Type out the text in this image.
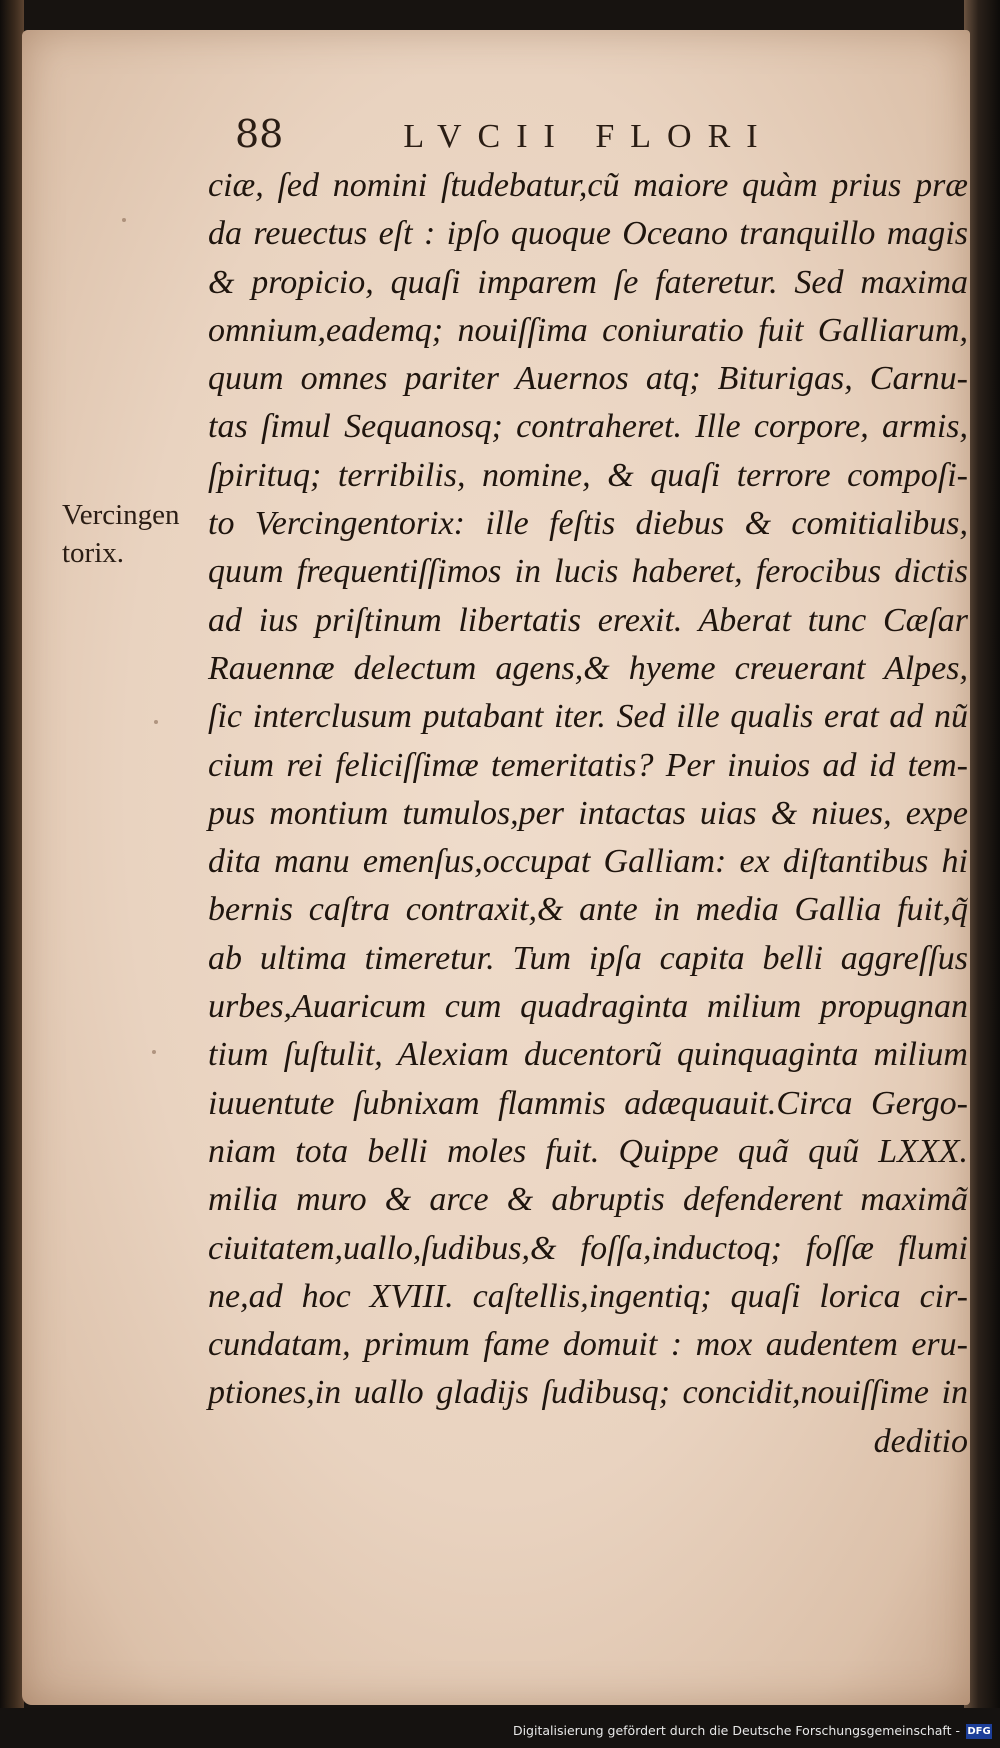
88	LVCII FLORI
Vercingen
torix.
ciæ, ſed nomini ſtudebatur,cũ maiore quàm prius præ
da reuectus eſt : ipſo quoque Oceano tranquillo magis
& propicio, quaſi imparem ſe fateretur. Sed maxima
omnium,eademq; nouiſſima coniuratio fuit Galliarum,
quum omnes pariter Auernos atq; Biturigas, Carnu-
tas ſimul Sequanosq; contraheret. Ille corpore, armis,
ſpirituq; terribilis, nomine, & quaſi terrore compoſi-
to Vercingentorix: ille feſtis diebus & comitialibus,
quum frequentiſſimos in lucis haberet, ferocibus dictis
ad ius priſtinum libertatis erexit. Aberat tunc Cæſar
Rauennæ delectum agens,& hyeme creuerant Alpes,
ſic interclusum putabant iter. Sed ille qualis erat ad nũ
cium rei feliciſſimæ temeritatis? Per inuios ad id tem-
pus montium tumulos,per intactas uias & niues, expe
dita manu emenſus,occupat Galliam: ex diſtantibus hi
bernis caſtra contraxit,& ante in media Gallia fuit,q̃
ab ultima timeretur. Tum ipſa capita belli aggreſſus
urbes,Auaricum cum quadraginta milium propugnan
tium ſuſtulit, Alexiam ducentorũ quinquaginta milium
iuuentute ſubnixam flammis adæquauit.Circa Gergo-
niam tota belli moles fuit. Quippe quã quũ LXXX.
milia muro & arce & abruptis defenderent maximã
ciuitatem,uallo,ſudibus,& foſſa,inductoq; foſſæ flumi
ne,ad hoc XVIII. caſtellis,ingentiq; quaſi lorica cir-
cundatam, primum fame domuit : mox audentem eru-
ptiones,in uallo gladijs ſudibusq; concidit,nouiſſime in
deditio
Digitalisierung gefördert durch die Deutsche Forschungsgemeinschaft - DFG
